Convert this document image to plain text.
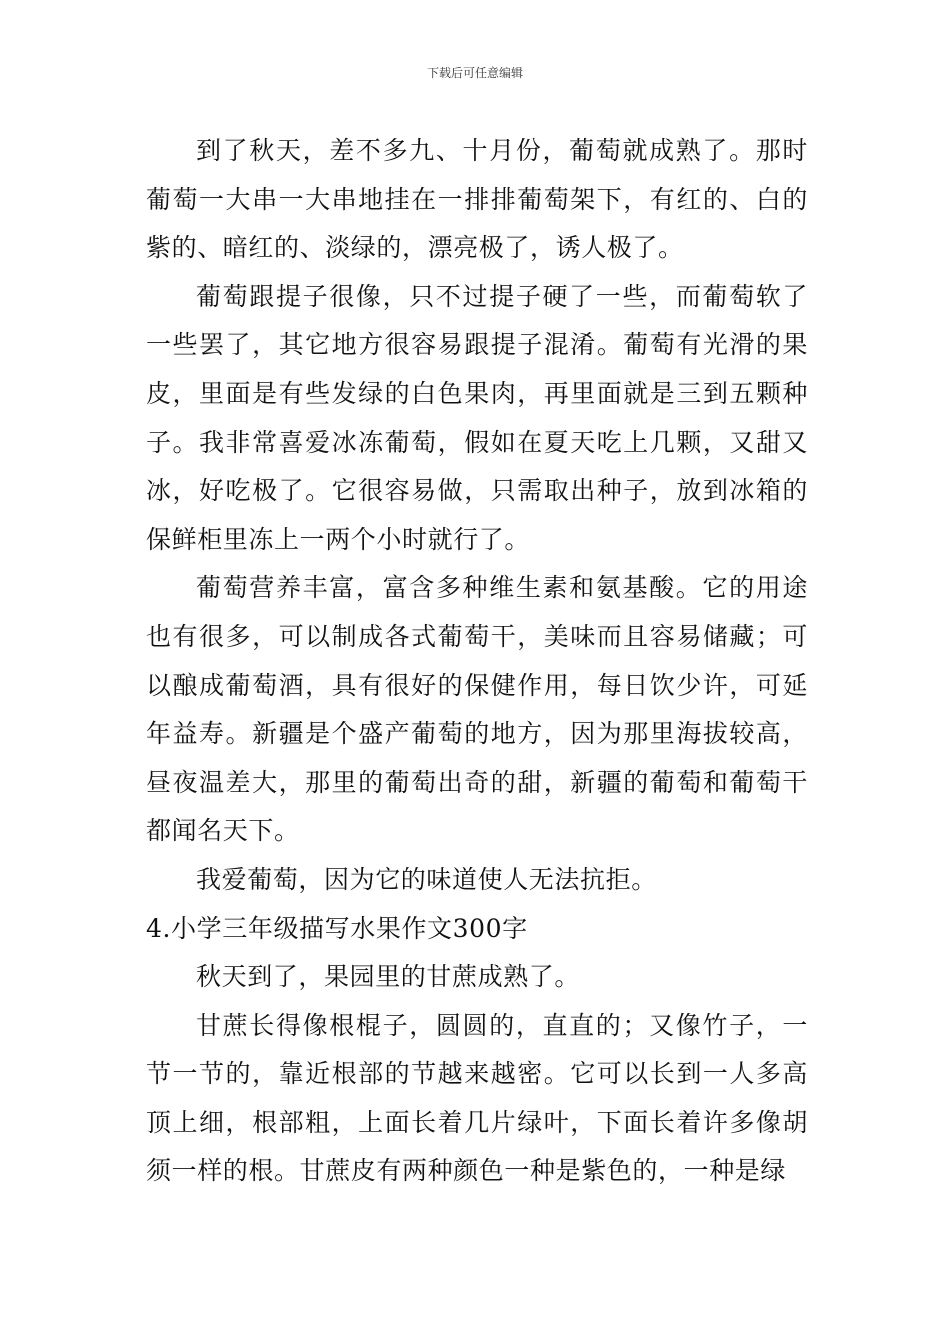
下载后可任意编辑

到了秋天，差不多九、十月份，葡萄就成熟了。那时葡萄一大串一大串地挂在一排排葡萄架下，有红的、白的紫的、暗红的、淡绿的，漂亮极了，诱人极了。

葡萄跟提子很像，只不过提子硬了一些，而葡萄软了一些罢了，其它地方很容易跟提子混淆。葡萄有光滑的果皮，里面是有些发绿的白色果肉，再里面就是三到五颗种子。我非常喜爱冰冻葡萄，假如在夏天吃上几颗，又甜又冰，好吃极了。它很容易做，只需取出种子，放到冰箱的保鲜柜里冻上一两个小时就行了。

葡萄营养丰富，富含多种维生素和氨基酸。它的用途也有很多，可以制成各式葡萄干，美味而且容易储藏；可以酿成葡萄酒，具有很好的保健作用，每日饮少许，可延年益寿。新疆是个盛产葡萄的地方，因为那里海拔较高，昼夜温差大，那里的葡萄出奇的甜，新疆的葡萄和葡萄干都闻名天下。

我爱葡萄，因为它的味道使人无法抗拒。

4.小学三年级描写水果作文300字

秋天到了，果园里的甘蔗成熟了。

甘蔗长得像根棍子，圆圆的，直直的；又像竹子，一节一节的，靠近根部的节越来越密。它可以长到一人多高顶上细，根部粗，上面长着几片绿叶，下面长着许多像胡须一样的根。甘蔗皮有两种颜色一种是紫色的，一种是绿
